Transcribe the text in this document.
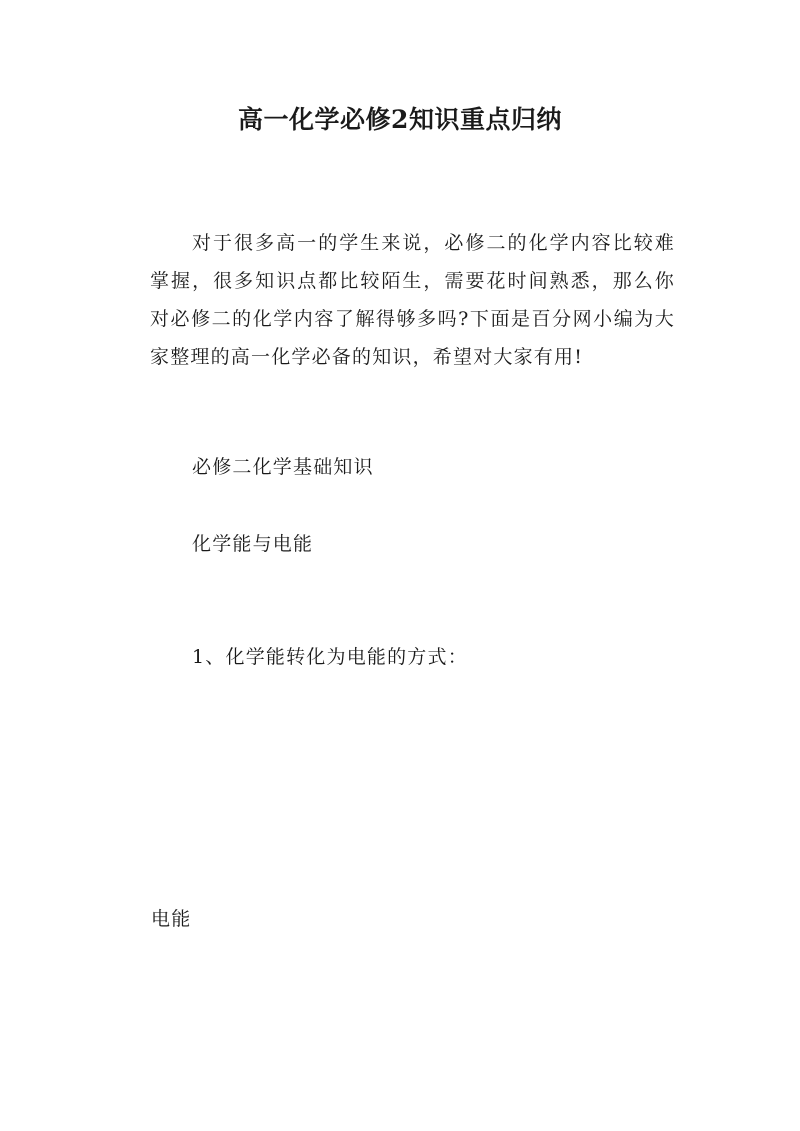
高一化学必修2知识重点归纳
对于很多高一的学生来说，必修二的化学内容比较难掌握，很多知识点都比较陌生，需要花时间熟悉，那么你对必修二的化学内容了解得够多吗?下面是百分网小编为大家整理的高一化学必备的知识，希望对大家有用!
必修二化学基础知识
化学能与电能
1、化学能转化为电能的方式：
电能
